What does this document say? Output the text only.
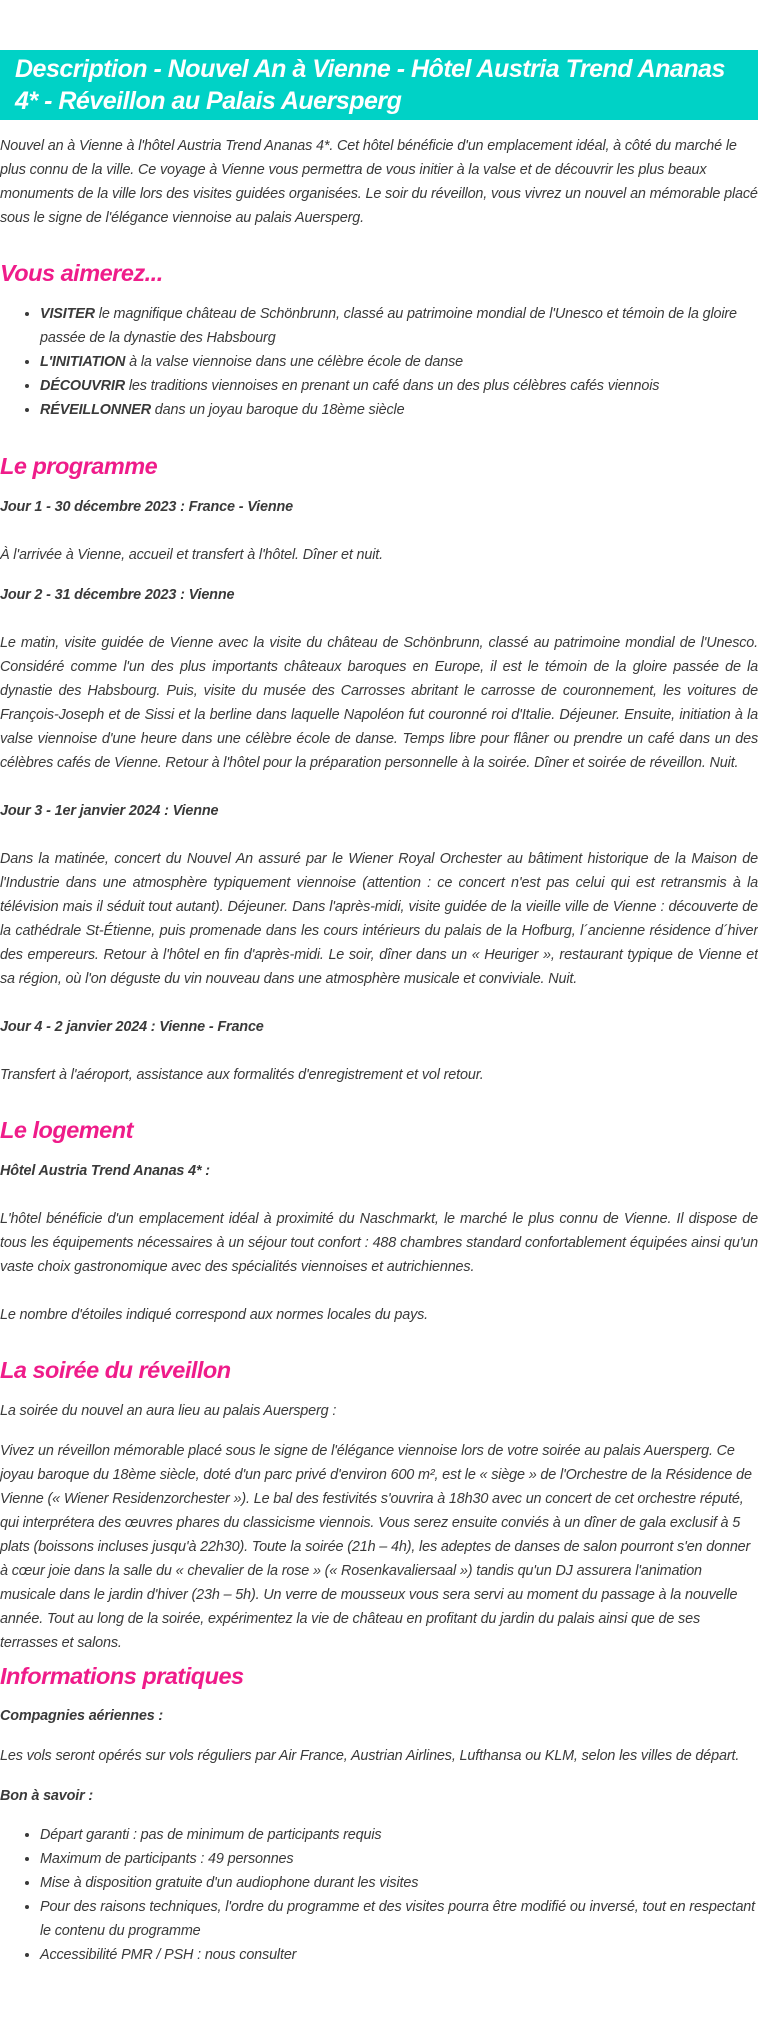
Description - Nouvel An à Vienne - Hôtel Austria Trend Ananas 4* - Réveillon au Palais Auersperg

Nouvel an à Vienne à l'hôtel Austria Trend Ananas 4*. Cet hôtel bénéficie d'un emplacement idéal, à côté du marché le plus connu de la ville. Ce voyage à Vienne vous permettra de vous initier à la valse et de découvrir les plus beaux monuments de la ville lors des visites guidées organisées. Le soir du réveillon, vous vivrez un nouvel an mémorable placé sous le signe de l'élégance viennoise au palais Auersperg.

Vous aimerez...
• VISITER le magnifique château de Schönbrunn, classé au patrimoine mondial de l'Unesco et témoin de la gloire passée de la dynastie des Habsbourg
• L'INITIATION à la valse viennoise dans une célèbre école de danse
• DÉCOUVRIR les traditions viennoises en prenant un café dans un des plus célèbres cafés viennois
• RÉVEILLONNER dans un joyau baroque du 18ème siècle
Le programme

Jour 1 - 30 décembre 2023 : France - Vienne

À l'arrivée à Vienne, accueil et transfert à l'hôtel. Dîner et nuit.

Jour 2 - 31 décembre 2023 : Vienne

Le matin, visite guidée de Vienne avec la visite du château de Schönbrunn, classé au patrimoine mondial de l'Unesco. Considéré comme l'un des plus importants châteaux baroques en Europe, il est le témoin de la gloire passée de la dynastie des Habsbourg. Puis, visite du musée des Carrosses abritant le carrosse de couronnement, les voitures de François-Joseph et de Sissi et la berline dans laquelle Napoléon fut couronné roi d'Italie. Déjeuner. Ensuite, initiation à la valse viennoise d'une heure dans une célèbre école de danse. Temps libre pour flâner ou prendre un café dans un des célèbres cafés de Vienne. Retour à l'hôtel pour la préparation personnelle à la soirée. Dîner et soirée de réveillon. Nuit.

Jour 3 - 1er janvier 2024 : Vienne

Dans la matinée, concert du Nouvel An assuré par le Wiener Royal Orchester au bâtiment historique de la Maison de l'Industrie dans une atmosphère typiquement viennoise (attention : ce concert n'est pas celui qui est retransmis à la télévision mais il séduit tout autant). Déjeuner. Dans l'après-midi, visite guidée de la vieille ville de Vienne : découverte de la cathédrale St-Étienne, puis promenade dans les cours intérieurs du palais de la Hofburg, l´ancienne résidence d´hiver des empereurs. Retour à l'hôtel en fin d'après-midi. Le soir, dîner dans un « Heuriger », restaurant typique de Vienne et sa région, où l'on déguste du vin nouveau dans une atmosphère musicale et conviviale. Nuit.

Jour 4 - 2 janvier 2024 : Vienne - France

Transfert à l'aéroport, assistance aux formalités d'enregistrement et vol retour.

Le logement

Hôtel Austria Trend Ananas 4* :

L'hôtel bénéficie d'un emplacement idéal à proximité du Naschmarkt, le marché le plus connu de Vienne. Il dispose de tous les équipements nécessaires à un séjour tout confort : 488 chambres standard confortablement équipées ainsi qu'un vaste choix gastronomique avec des spécialités viennoises et autrichiennes.

Le nombre d'étoiles indiqué correspond aux normes locales du pays.

La soirée du réveillon

La soirée du nouvel an aura lieu au palais Auersperg :

Vivez un réveillon mémorable placé sous le signe de l'élégance viennoise lors de votre soirée au palais Auersperg. Ce joyau baroque du 18ème siècle, doté d'un parc privé d'environ 600 m², est le « siège » de l'Orchestre de la Résidence de Vienne (« Wiener Residenzorchester »). Le bal des festivités s'ouvrira à 18h30 avec un concert de cet orchestre réputé, qui interprétera des œuvres phares du classicisme viennois. Vous serez ensuite conviés à un dîner de gala exclusif à 5 plats (boissons incluses jusqu'à 22h30). Toute la soirée (21h – 4h), les adeptes de danses de salon pourront s'en donner à cœur joie dans la salle du « chevalier de la rose » (« Rosenkavaliersaal ») tandis qu'un DJ assurera l'animation musicale dans le jardin d'hiver (23h – 5h). Un verre de mousseux vous sera servi au moment du passage à la nouvelle année. Tout au long de la soirée, expérimentez la vie de château en profitant du jardin du palais ainsi que de ses terrasses et salons.

Informations pratiques

Compagnies aériennes :

Les vols seront opérés sur vols réguliers par Air France, Austrian Airlines, Lufthansa ou KLM, selon les villes de départ.

Bon à savoir :

• Départ garanti : pas de minimum de participants requis
• Maximum de participants : 49 personnes
• Mise à disposition gratuite d'un audiophone durant les visites
• Pour des raisons techniques, l'ordre du programme et des visites pourra être modifié ou inversé, tout en respectant le contenu du programme
• Accessibilité PMR / PSH : nous consulter
